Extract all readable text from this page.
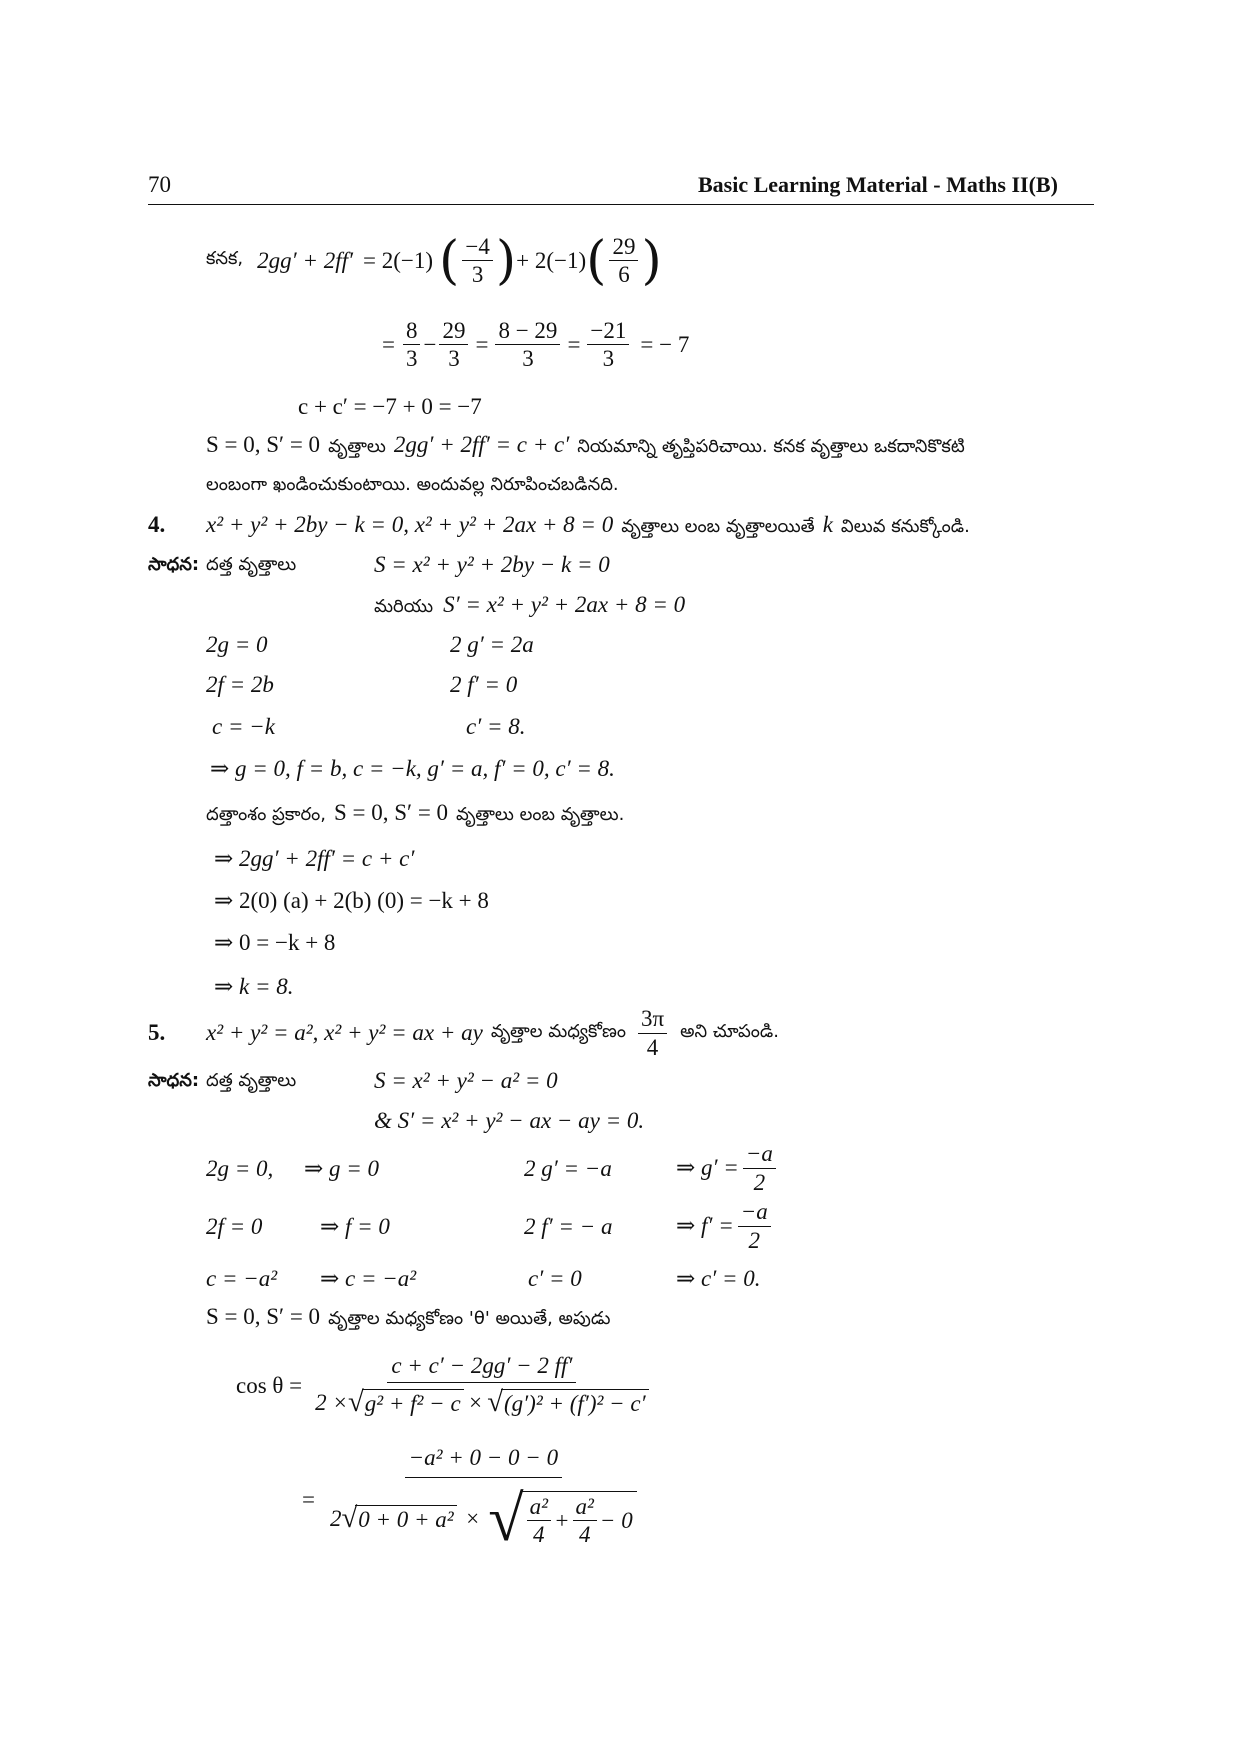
70	Basic Learning Material - Maths II(B)
కనక, 2gg′ + 2ff′ = 2(−1) ( $\frac{-4}{3}$ ) + 2(−1) ( $\frac{29}{6}$ )
= $\frac{8}{3} - \frac{29}{3} = \frac{8 - 29}{3} = \frac{-21}{3}$ = − 7
c + c′ = −7 + 0 = −7
S = 0, S′ = 0 వృత్తాలు 2gg′ + 2ff′ = c + c′ నియమాన్ని తృప్తిపరిచాయి. కనక వృత్తాలు ఒకదానికొకటి
లంబంగా ఖండించుకుంటాయి. అందువల్ల నిరూపించబడినది.
4. x² + y² + 2by − k = 0, x² + y² + 2ax + 8 = 0 వృత్తాలు లంబ వృత్తాలయితే k విలువ కనుక్కోండి.
సాధన: దత్త వృత్తాలు	S = x² + y² + 2by − k = 0
మరియు S′ = x² + y² + 2ax + 8 = 0
2g = 0	2 g′ = 2a
2f = 2b	2 f′ = 0
c = −k	c′ = 8.
⇒ g = 0, f = b, c = −k, g′ = a, f′ = 0, c′ = 8.
దత్తాంశం ప్రకారం, S = 0, S′ = 0 వృత్తాలు లంబ వృత్తాలు.
⇒ 2gg′ + 2ff′ = c + c′
⇒ 2(0) (a) + 2(b) (0) = −k + 8
⇒ 0 = −k + 8
⇒ k = 8.
5. x² + y² = a², x² + y² = ax + ay వృత్తాల మధ్యకోణం $\frac{3\pi}{4}$ అని చూపండి.
సాధన: దత్త వృత్తాలు	S = x² + y² − a² = 0
& S′ = x² + y² − ax − ay = 0.
2g = 0, ⇒ g = 0	2 g′ = −a	⇒ $g' = \frac{-a}{2}$
2f = 0	⇒ f = 0	2 f′ = − a	⇒ $f' = \frac{-a}{2}$
c = −a² ⇒ c = −a²	c′ = 0	⇒ c′ = 0.
S = 0, S′ = 0 వృత్తాల మధ్యకోణం 'θ' అయితే, అపుడు
$\cos \theta = \frac{c + c' - 2gg' - 2 ff'}{\text{2 × √ g² + f² − c × √ (g′)² + (f′)² − c′}}$
=
−a² + 0 − 0 − 0
2 √ 0 + 0 + a² × √ $\frac{\text{a²}}{4} + \frac{\text{a²}}{4} - 0$
